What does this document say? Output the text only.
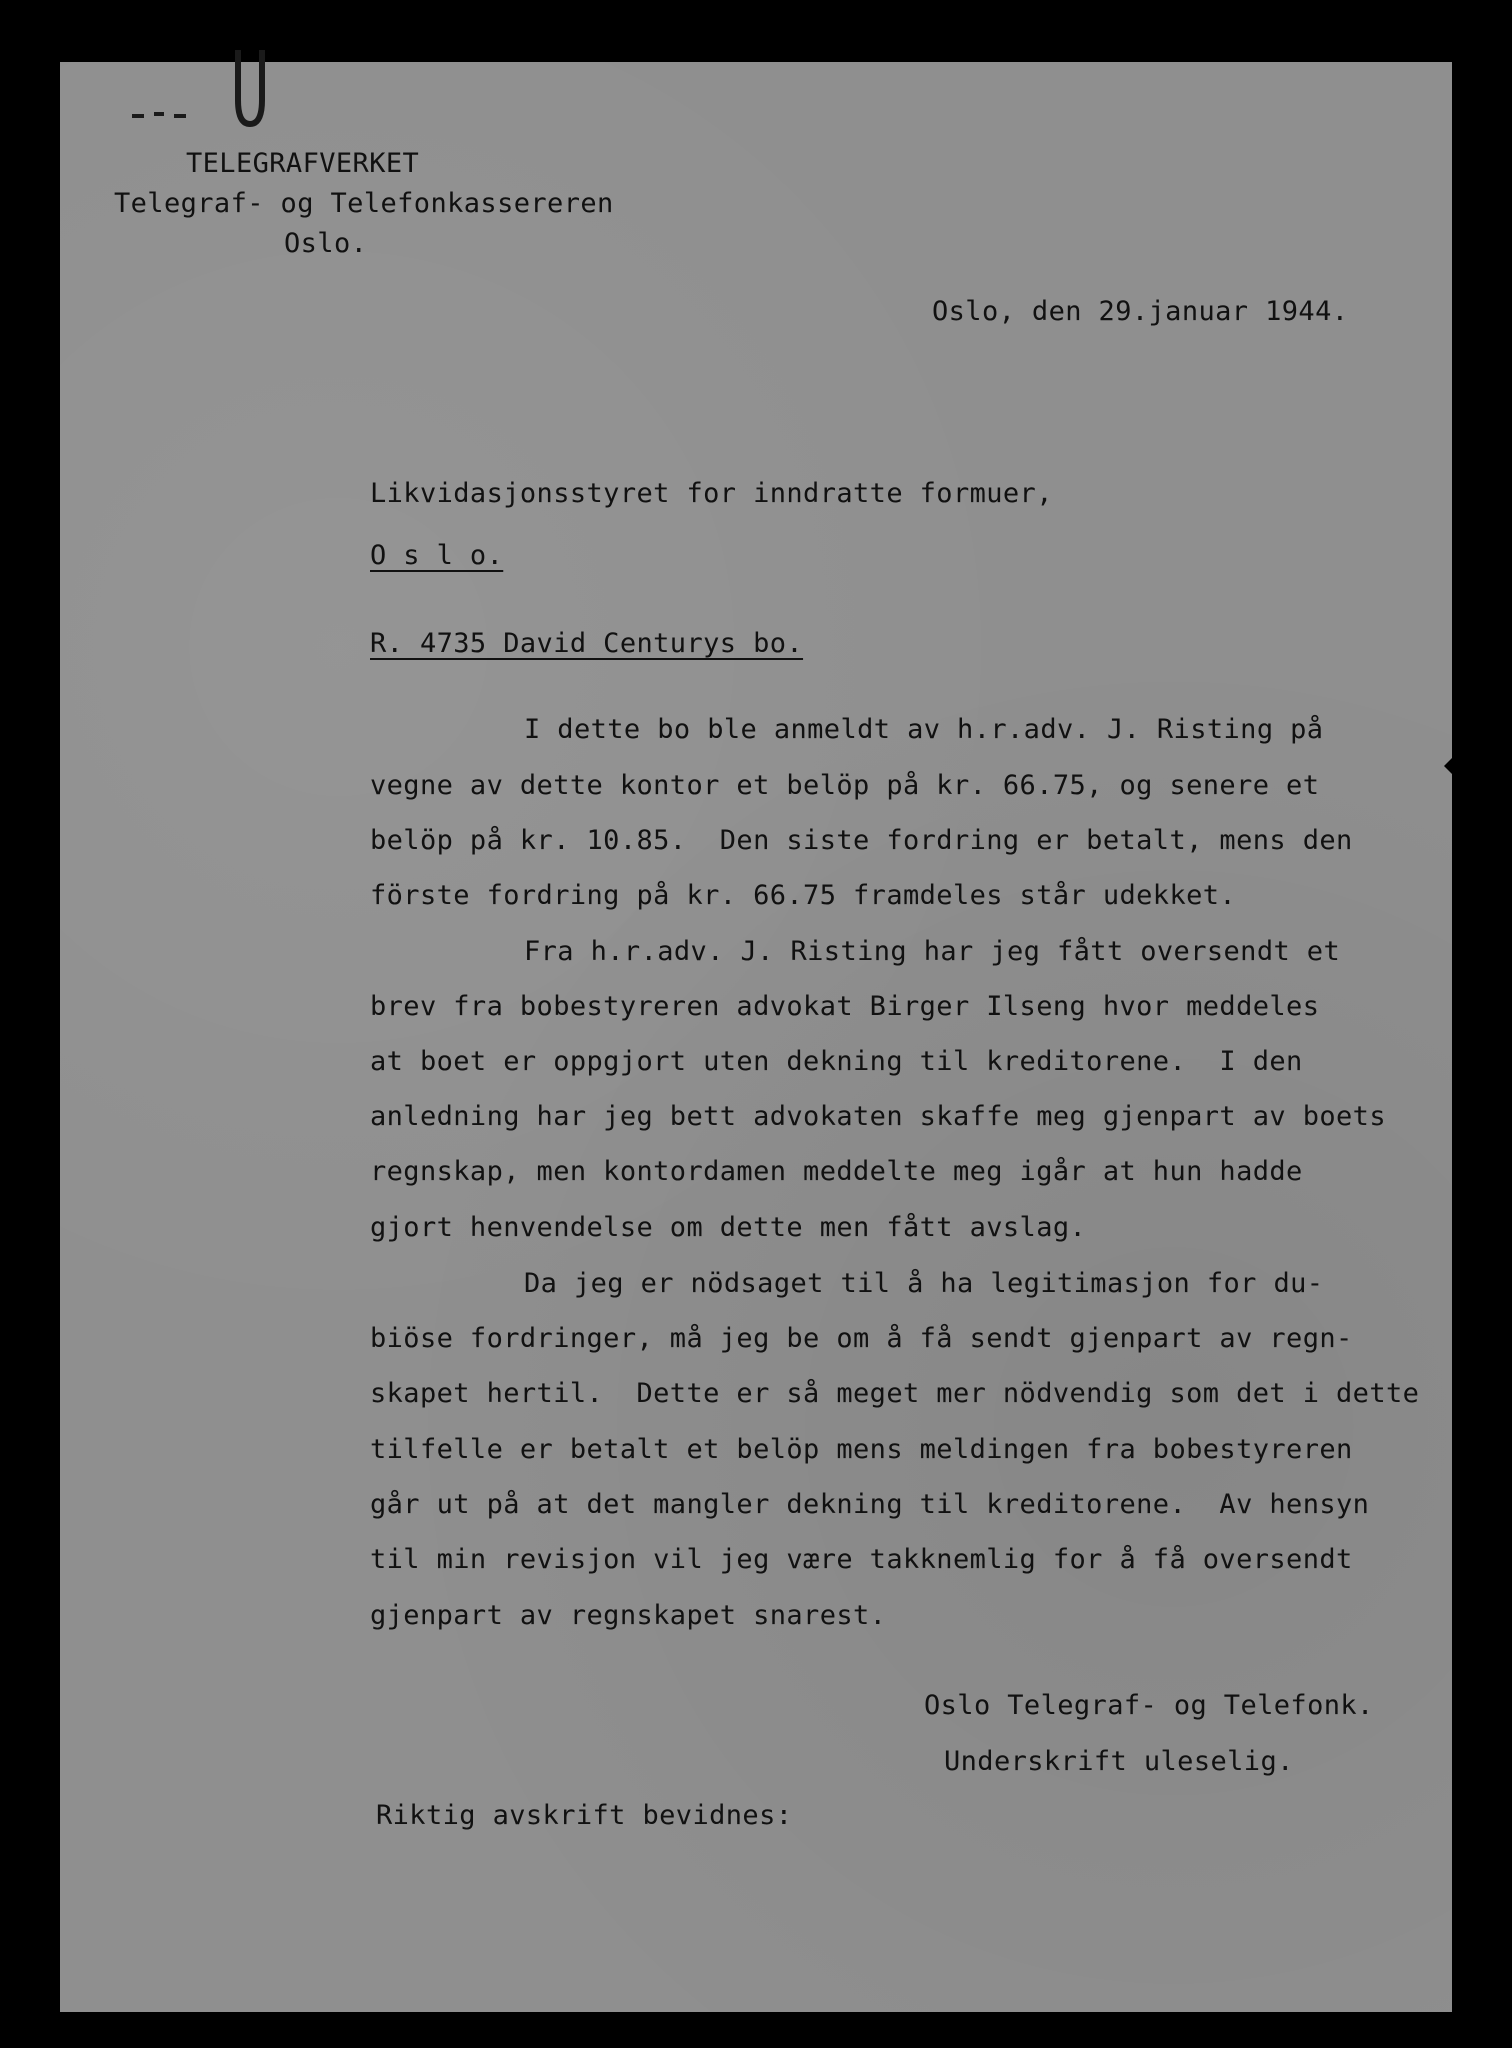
TELEGRAFVERKET
Telegraf- og Telefonkassereren
Oslo.
Oslo, den 29.januar 1944.
Likvidasjonsstyret for inndratte formuer,
O s l o.
R. 4735 David Centurys bo.
I dette bo ble anmeldt av h.r.adv. J. Risting på
vegne av dette kontor et belöp på kr. 66.75, og senere et
belöp på kr. 10.85.  Den siste fordring er betalt, mens den
förste fordring på kr. 66.75 framdeles står udekket.
Fra h.r.adv. J. Risting har jeg fått oversendt et
brev fra bobestyreren advokat Birger Ilseng hvor meddeles
at boet er oppgjort uten dekning til kreditorene.  I den
anledning har jeg bett advokaten skaffe meg gjenpart av boets
regnskap, men kontordamen meddelte meg igår at hun hadde
gjort henvendelse om dette men fått avslag.
Da jeg er nödsaget til å ha legitimasjon for du-
biöse fordringer, må jeg be om å få sendt gjenpart av regn-
skapet hertil.  Dette er så meget mer nödvendig som det i dette
tilfelle er betalt et belöp mens meldingen fra bobestyreren
går ut på at det mangler dekning til kreditorene.  Av hensyn
til min revisjon vil jeg være takknemlig for å få oversendt
gjenpart av regnskapet snarest.
Oslo Telegraf- og Telefonk.
Underskrift uleselig.
Riktig avskrift bevidnes:
